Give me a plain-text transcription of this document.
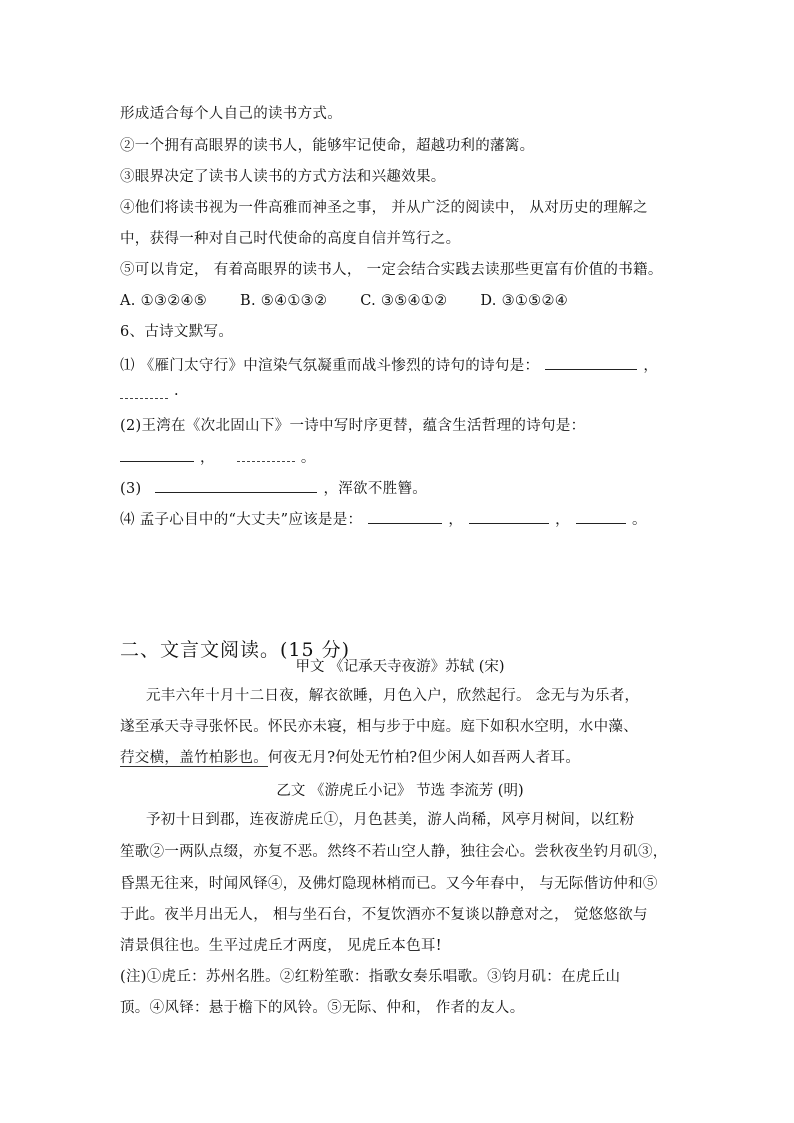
形成适合每个人自己的读书方式。
②一个拥有高眼界的读书人，能够牢记使命，超越功利的藩篱。
③眼界决定了读书人读书的方式方法和兴趣效果。
④他们将读书视为一件高雅而神圣之事， 并从广泛的阅读中， 从对历史的理解之
中，获得一种对自己时代使命的高度自信并笃行之。
⑤可以肯定， 有着高眼界的读书人， 一定会结合实践去读那些更富有价值的书籍。
A. ①③②④⑤ B. ⑤④①③② C. ③⑤④①② D. ③①⑤②④
6、古诗文默写。
⑴ 《雁门太守行》中渲染气氛凝重而战斗惨烈的诗句的诗句是：	，
·
(2)王湾在《次北固山下》一诗中写时序更替，蕴含生活哲理的诗句是：
，	。
(3)	，浑欲不胜簪。
⑷ 孟子心目中的“大丈夫”应该是是：	，	，	。
二、文言文阅读。(15 分)
甲文 《记承天寺夜游》苏轼 (宋)
元丰六年十月十二日夜，解衣欲睡，月色入户，欣然起行。 念无与为乐者，
遂至承天寺寻张怀民。怀民亦未寝，相与步于中庭。庭下如积水空明，水中藻、
荇交横，盖竹柏影也。何夜无月?何处无竹柏?但少闲人如吾两人者耳。
乙文 《游虎丘小记》 节选 李流芳 (明)
予初十日到郡，连夜游虎丘①，月色甚美，游人尚稀，风亭月树间，以红粉
笙歌②一两队点缀，亦复不恶。然终不若山空人静，独往会心。尝秋夜坐钓月矶③，
昏黑无往来，时闻风铎④，及佛灯隐现林梢而已。又今年春中， 与无际偕访仲和⑤
于此。夜半月出无人， 相与坐石台，不复饮酒亦不复谈以静意对之， 觉悠悠欲与
清景俱往也。生平过虎丘才两度， 见虎丘本色耳!
(注)①虎丘：苏州名胜。②红粉笙歌：指歌女奏乐唱歌。③钧月矶：在虎丘山
顶。④风铎：悬于檐下的风铃。⑤无际、仲和， 作者的友人。
